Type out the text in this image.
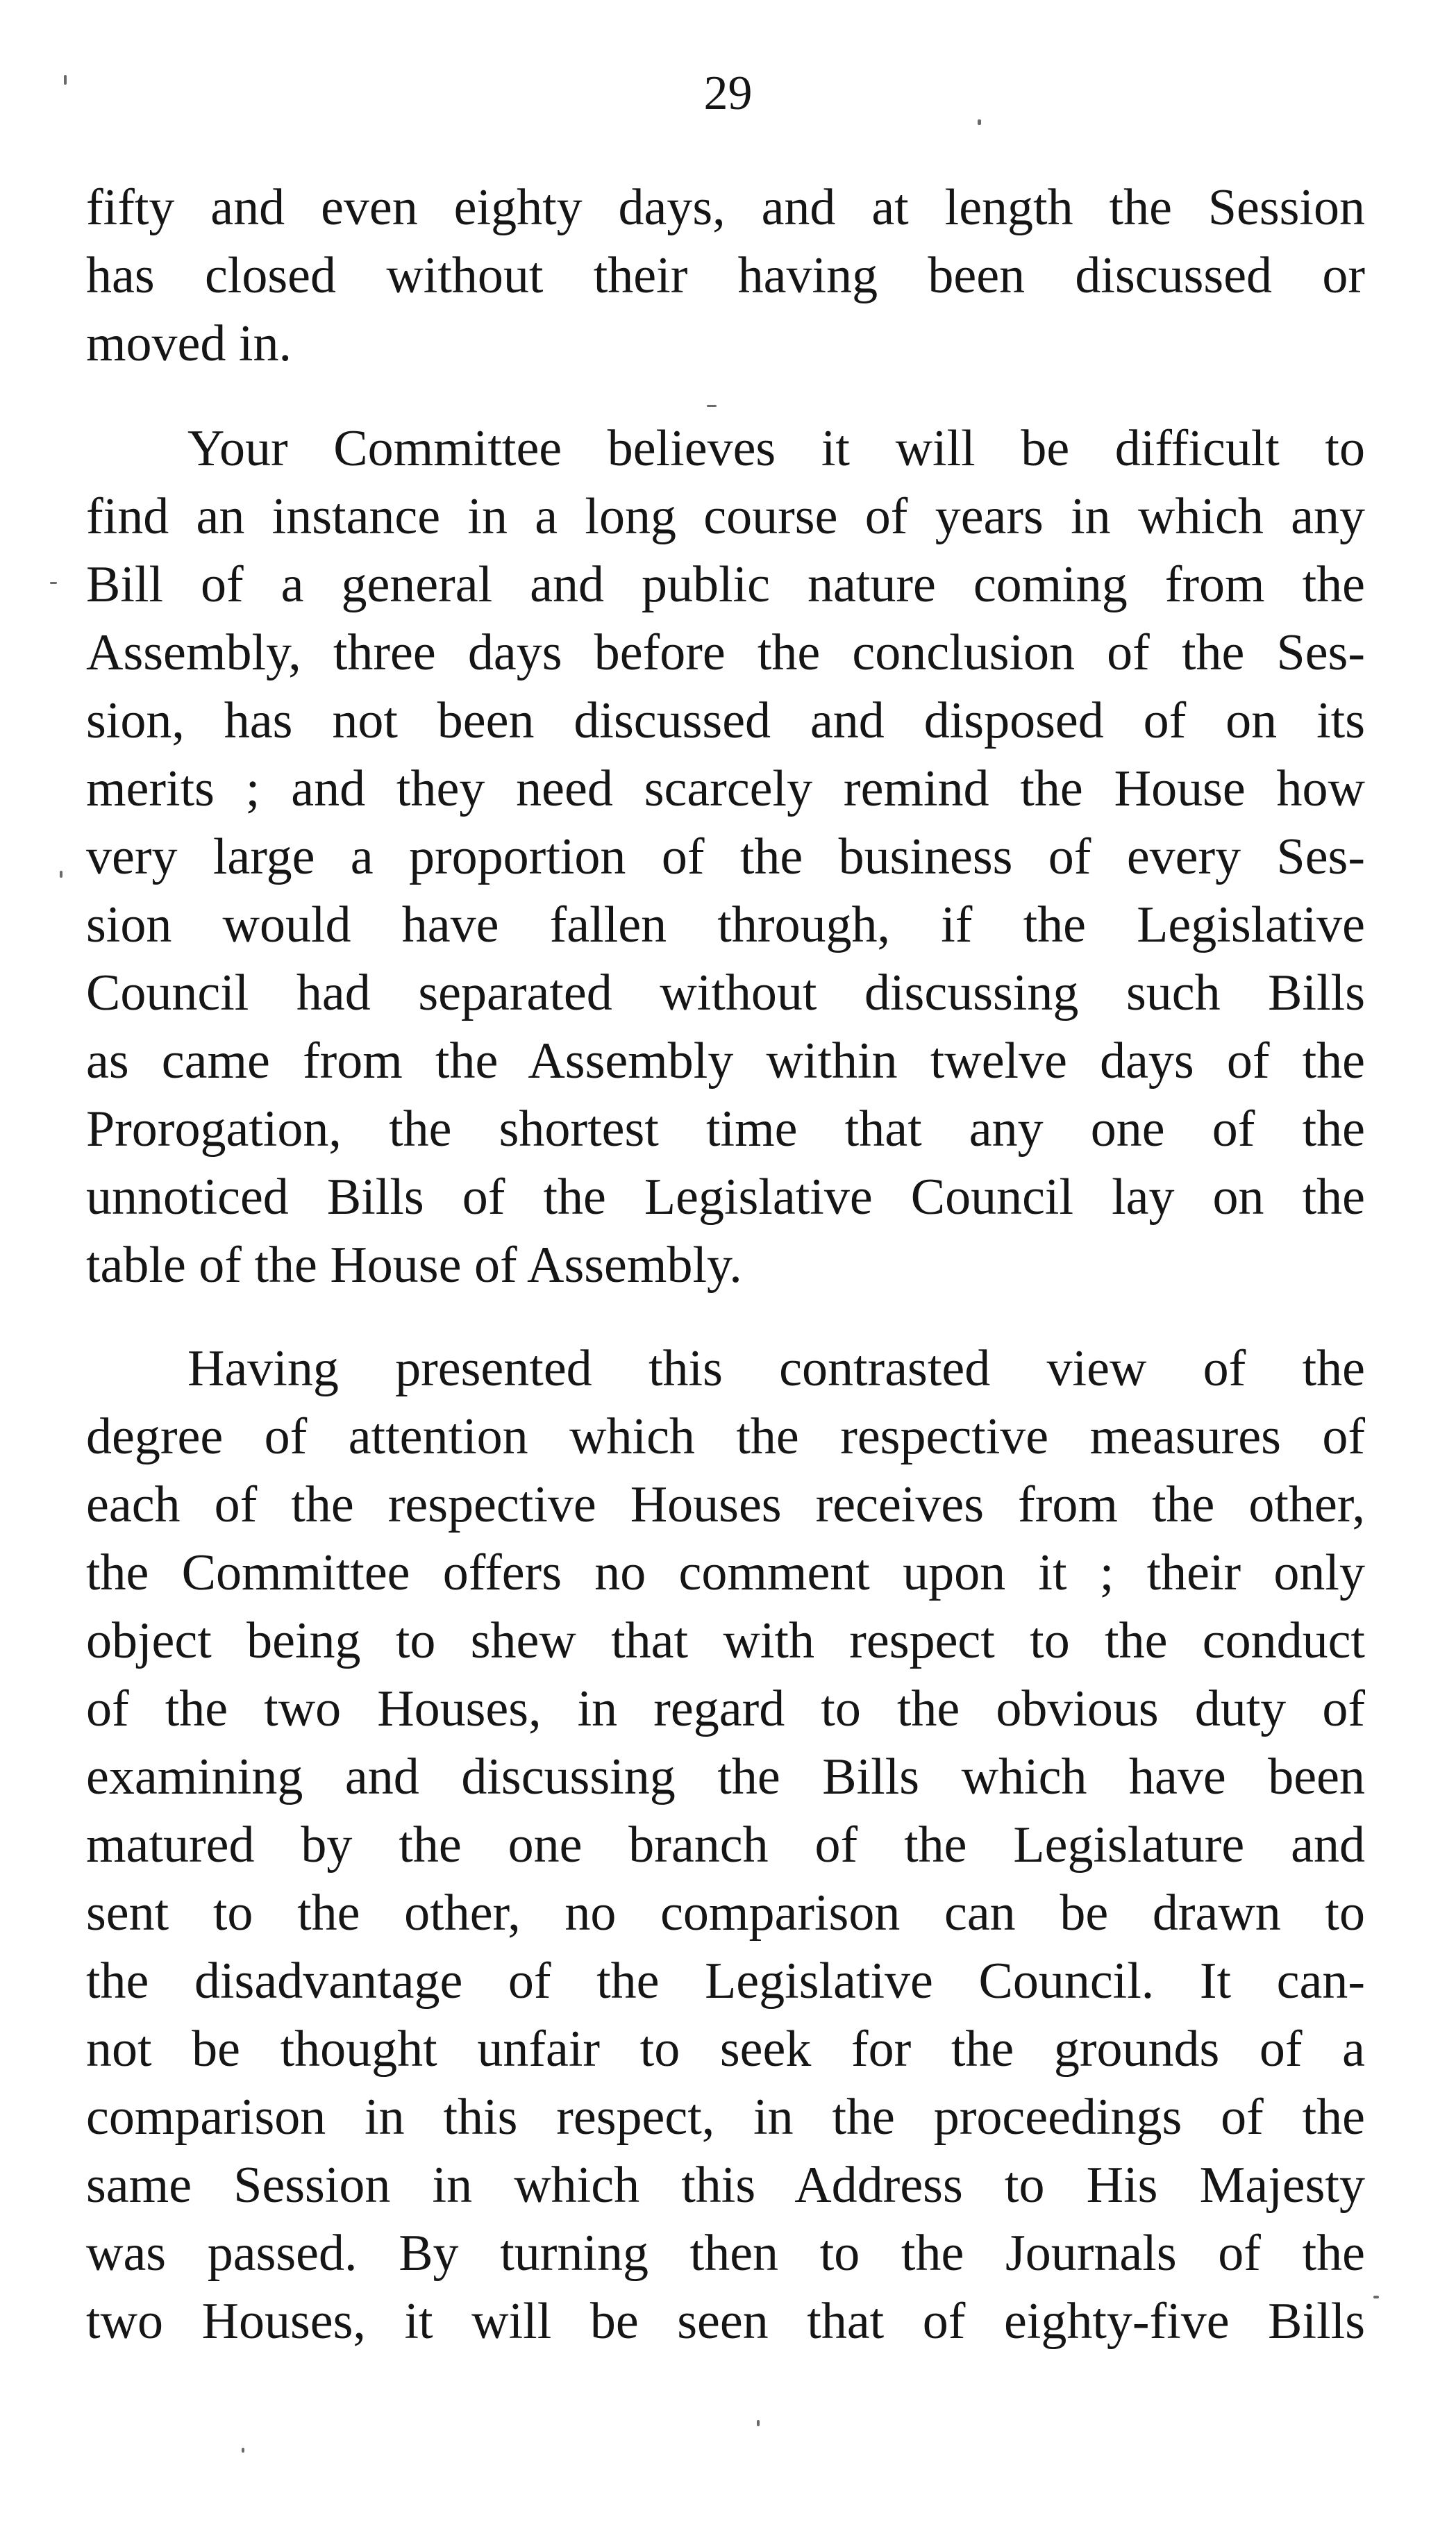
29
fifty and even eighty days, and at length the Session
has closed without their having been discussed or
moved in.
Your Committee believes it will be difficult to
find an instance in a long course of years in which any
Bill of a general and public nature coming from the
Assembly, three days before the conclusion of the Ses-
sion, has not been discussed and disposed of on its
merits ; and they need scarcely remind the House how
very large a proportion of the business of every Ses-
sion would have fallen through, if the Legislative
Council had separated without discussing such Bills
as came from the Assembly within twelve days of the
Prorogation, the shortest time that any one of the
unnoticed Bills of the Legislative Council lay on the
table of the House of Assembly.
Having presented this contrasted view of the
degree of attention which the respective measures of
each of the respective Houses receives from the other,
the Committee offers no comment upon it ; their only
object being to shew that with respect to the conduct
of the two Houses, in regard to the obvious duty of
examining and discussing the Bills which have been
matured by the one branch of the Legislature and
sent to the other, no comparison can be drawn to
the disadvantage of the Legislative Council. It can-
not be thought unfair to seek for the grounds of a
comparison in this respect, in the proceedings of the
same Session in which this Address to His Majesty
was passed. By turning then to the Journals of the
two Houses, it will be seen that of eighty-five Bills
